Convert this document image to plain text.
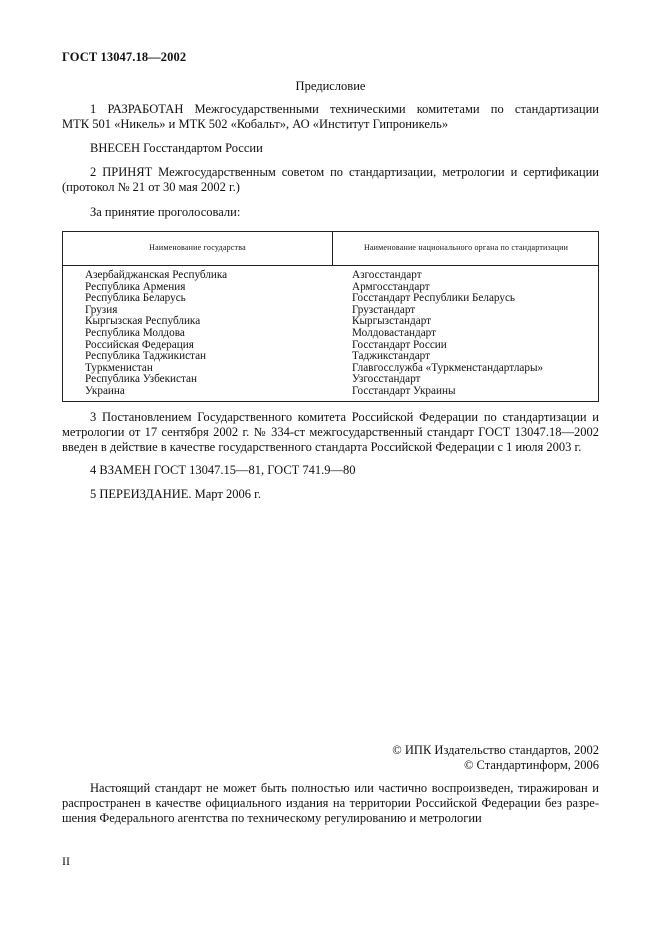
ГОСТ 13047.18—2002
Предисловие
1 РАЗРАБОТАН Межгосударственными техническими комитетами по стандартизации
МТК 501 «Никель» и МТК 502 «Кобальт», АО «Институт Гипроникель»
ВНЕСЕН Госстандартом России
2 ПРИНЯТ Межгосударственным советом по стандартизации, метрологии и сертификации
(протокол № 21 от 30 мая 2002 г.)
За принятие проголосовали:
Наименование государства	Наименование национального органа по стандартизации
Азербайджанская Республика
Республика Армения
Республика Беларусь
Грузия
Кыргызская Республика
Республика Молдова
Российская Федерация
Республика Таджикистан
Туркменистан
Республика Узбекистан
Украина
Азгосстандарт
Армгосстандарт
Госстандарт Республики Беларусь
Грузстандарт
Кыргызстандарт
Молдовастандарт
Госстандарт России
Таджикстандарт
Главгосслужба «Туркменстандартлары»
Узгосстандарт
Госстандарт Украины
3 Постановлением Государственного комитета Российской Федерации по стандартизации и
метрологии от 17 сентября 2002 г. № 334-ст межгосударственный стандарт ГОСТ 13047.18—2002
введен в действие в качестве государственного стандарта Российской Федерации с 1 июля 2003 г.
4 ВЗАМЕН ГОСТ 13047.15—81, ГОСТ 741.9—80
5 ПЕРЕИЗДАНИЕ. Март 2006 г.
© ИПК Издательство стандартов, 2002
© Стандартинформ, 2006
Настоящий стандарт не может быть полностью или частично воспроизведен, тиражирован и
распространен в качестве официального издания на территории Российской Федерации без разре-
шения Федерального агентства по техническому регулированию и метрологии
II
